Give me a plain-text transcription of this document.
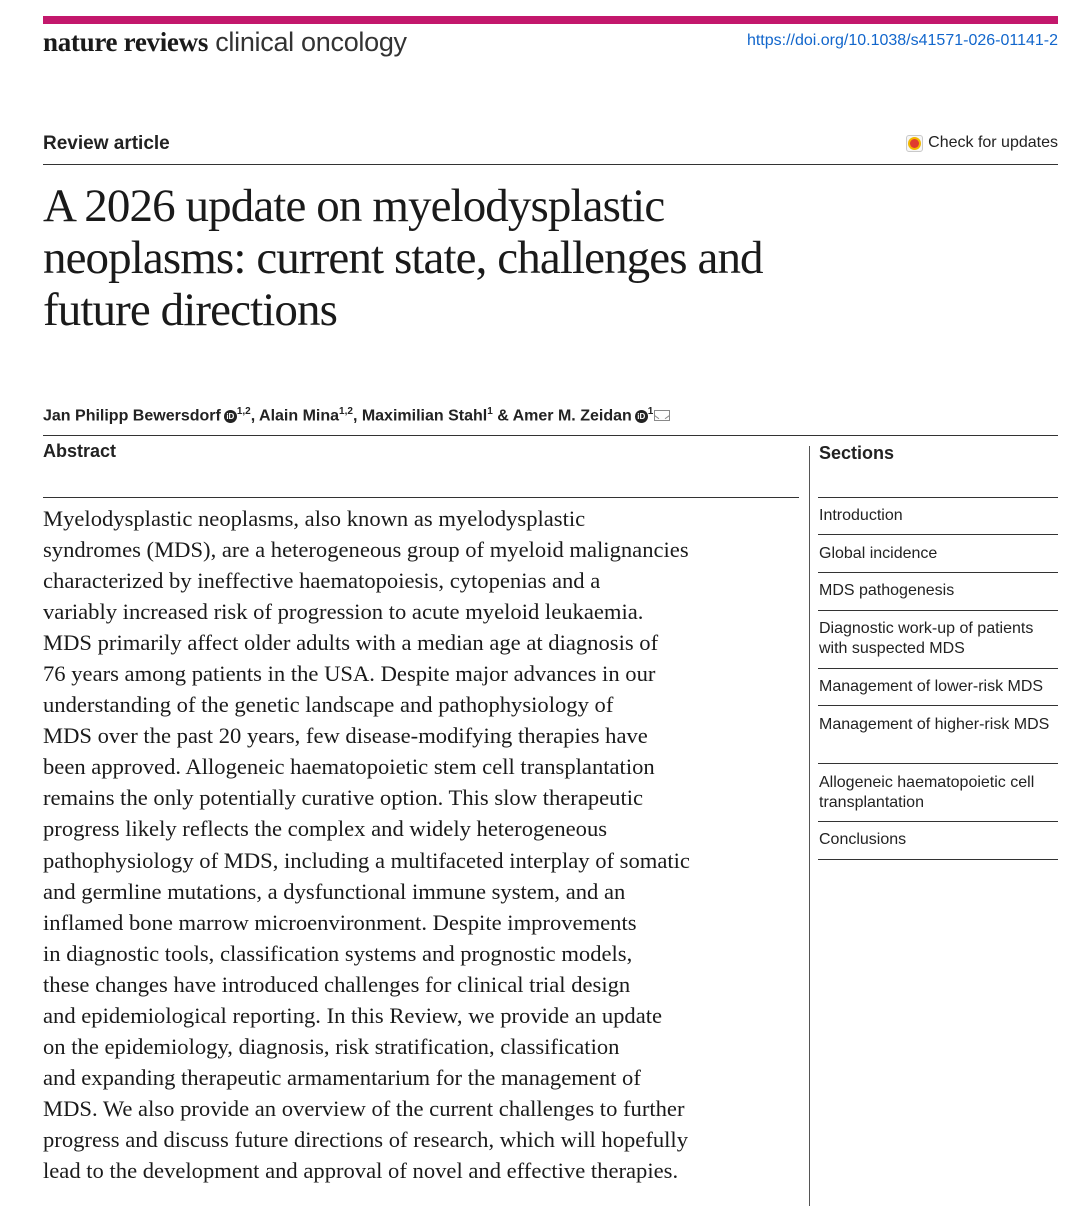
nature reviews clinical oncology	https://doi.org/10.1038/s41571-026-01141-2
Review article	Check for updates
A 2026 update on myelodysplastic neoplasms: current state, challenges and future directions
Jan Philipp Bewersdorf iD $^{1,2}$, Alain Mina$^{1,2}$, Maximilian Stahl$^1$ & Amer M. Zeidan iD $^1$
Abstract

Myelodysplastic neoplasms, also known as myelodysplastic
syndromes (MDS), are a heterogeneous group of myeloid malignancies
characterized by ineffective haematopoiesis, cytopenias and a
variably increased risk of progression to acute myeloid leukaemia.
MDS primarily affect older adults with a median age at diagnosis of
76 years among patients in the USA. Despite major advances in our
understanding of the genetic landscape and pathophysiology of
MDS over the past 20 years, few disease-modifying therapies have
been approved. Allogeneic haematopoietic stem cell transplantation
remains the only potentially curative option. This slow therapeutic
progress likely reflects the complex and widely heterogeneous
pathophysiology of MDS, including a multifaceted interplay of somatic
and germline mutations, a dysfunctional immune system, and an
inflamed bone marrow microenvironment. Despite improvements
in diagnostic tools, classification systems and prognostic models,
these changes have introduced challenges for clinical trial design
and epidemiological reporting. In this Review, we provide an update
on the epidemiology, diagnosis, risk stratification, classification
and expanding therapeutic armamentarium for the management of
MDS. We also provide an overview of the current challenges to further
progress and discuss future directions of research, which will hopefully
lead to the development and approval of novel and effective therapies.

Sections
Introduction
Global incidence
MDS pathogenesis
Diagnostic work-up of patients with suspected MDS
Management of lower-risk MDS
Management of higher-risk MDS
Allogeneic haematopoietic cell transplantation
Conclusions
